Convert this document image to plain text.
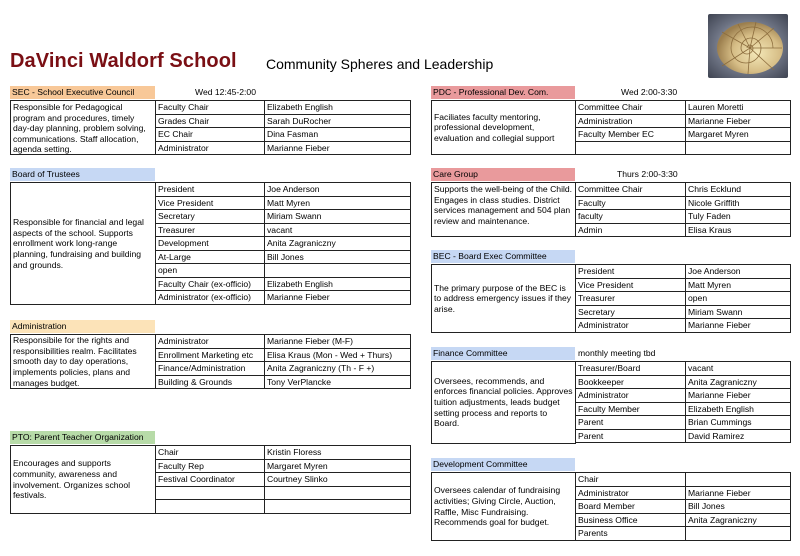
DaVinci Waldorf School Community Spheres and Leadership
SEC - School Executive Council	Wed 12:45-2:00
Responsible for Pedagogical program and procedures, timely day-day planning, problem solving, communications. Staff allocation, agenda setting.
Faculty Chair	Elizabeth English
Grades Chair	Sarah DuRocher
EC Chair	Dina Fasman
Administrator	Marianne Fieber
Board of Trustees
Responsible for financial and legal aspects of the school. Supports enrollment work long-range planning, fundraising and building and grounds.
President	Joe Anderson
Vice President	Matt Myren
Secretary	Miriam Swann
Treasurer	vacant
Development	Anita Zagraniczny
At-Large	Bill Jones
open	
Faculty Chair (ex-officio)	Elizabeth English
Administrator (ex-officio)	Marianne Fieber
Administration
Responsibile for the rights and responsibilities realm. Facilitates smooth day to day operations, implements policies, plans and manages budget.
Administrator	Marianne Fieber (M-F)
Enrollment Marketing etc	Elisa Kraus (Mon - Wed + Thurs)
Finance/Administration	Anita Zagraniczny (Th - F +)
Building & Grounds	Tony VerPlancke
PTO: Parent Teacher Organization
Encourages and supports community, awareness and involvement. Organizes school festivals.
Chair	Kristin Floress
Faculty Rep	Margaret Myren
Festival Coordinator	Courtney Slinko

PDC - Professional Dev. Com.	Wed 2:00-3:30
Faciliates faculty mentoring, professional development, evaluation and collegial support
Committee Chair	Lauren Moretti
Administration	Marianne Fieber
Faculty Member EC	Margaret Myren

Care Group	Thurs 2:00-3:30
Supports the well-being of the Child. Engages in class studies. District services management and 504 plan review and maintenance.
Committee Chair	Chris Ecklund
Faculty	Nicole Griffith
faculty	Tuly Faden
Admin	Elisa Kraus
BEC - Board Exec Committee
The primary purpose of the BEC is to address emergency issues if they arise.
President	Joe Anderson
Vice President	Matt Myren
Treasurer	open
Secretary	Miriam Swann
Administrator	Marianne Fieber
Finance Committee	monthly meeting tbd
Oversees, recommends, and enforces financial policies. Approves tuition adjustments, leads budget setting process and reports to Board.
Treasurer/Board	vacant
Bookkeeper	Anita Zagraniczny
Administrator	Marianne Fieber
Faculty Member	Elizabeth English
Parent	Brian Cummings
Parent	David Ramirez
Development Committee
Oversees calendar of fundraising activities; Giving Circle, Auction, Raffle, Misc Fundraising. Recommends goal for budget.
Chair	
Administrator	Marianne Fieber
Board Member	Bill Jones
Business Office	Anita Zagraniczny
Parents	
